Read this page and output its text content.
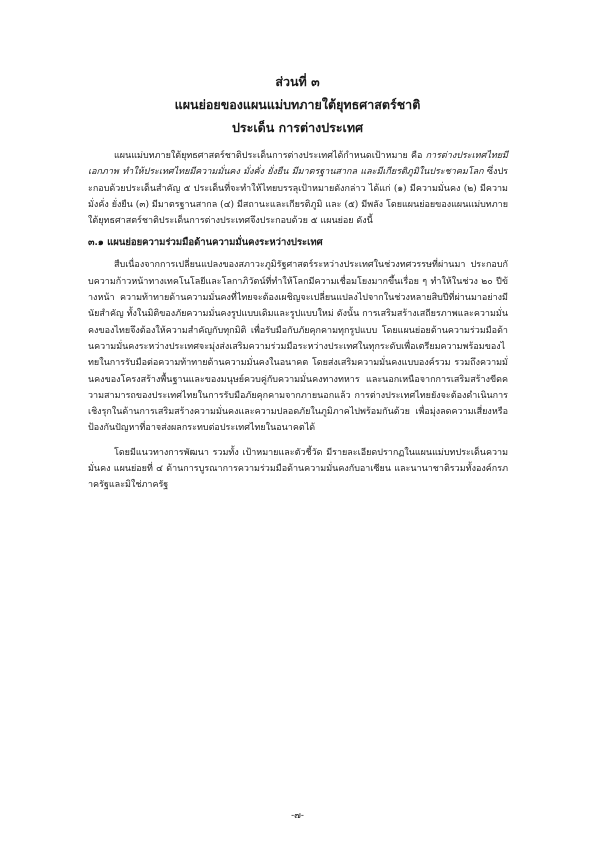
ส่วนที่ ๓

แผนย่อยของแผนแม่บทภายใต้ยุทธศาสตร์ชาติ

ประเด็น การต่างประเทศ

แผนแม่บทภายใต้ยุทธศาสตร์ชาติประเด็นการต่างประเทศได้กำหนดเป้าหมาย คือ การต่างประเทศไทยมีเอกภาพ ทำให้ประเทศไทยมีความมั่นคง มั่งคั่ง ยั่งยืน มีมาตรฐานสากล และมีเกียรติภูมิในประชาคมโลก ซึ่งประกอบด้วยประเด็นสำคัญ ๕ ประเด็นที่จะทำให้ไทยบรรลุเป้าหมายดังกล่าว ได้แก่ (๑) มีความมั่นคง (๒) มีความมั่งคั่ง ยั่งยืน (๓) มีมาตรฐานสากล (๔) มีสถานะและเกียรติภูมิ และ (๕) มีพลัง โดยแผนย่อยของแผนแม่บทภายใต้ยุทธศาสตร์ชาติประเด็นการต่างประเทศจึงประกอบด้วย ๕ แผนย่อย ดังนี้

๓.๑ แผนย่อยความร่วมมือด้านความมั่นคงระหว่างประเทศ

สืบเนื่องจากการเปลี่ยนแปลงของสภาวะภูมิรัฐศาสตร์ระหว่างประเทศในช่วงทศวรรษที่ผ่านมา ประกอบกับความก้าวหน้าทางเทคโนโลยีและโลกาภิวัตน์ที่ทำให้โลกมีความเชื่อมโยงมากขึ้นเรื่อย ๆ ทำให้ในช่วง ๒๐ ปีข้างหน้า ความท้าทายด้านความมั่นคงที่ไทยจะต้องเผชิญจะเปลี่ยนแปลงไปจากในช่วงหลายสิบปีที่ผ่านมาอย่างมีนัยสำคัญ ทั้งในมิติของภัยความมั่นคงรูปแบบเดิมและรูปแบบใหม่ ดังนั้น การเสริมสร้างเสถียรภาพและความมั่นคงของไทยจึงต้องให้ความสำคัญกับทุกมิติ เพื่อรับมือกับภัยคุกคามทุกรูปแบบ โดยแผนย่อยด้านความร่วมมือด้านความมั่นคงระหว่างประเทศจะมุ่งส่งเสริมความร่วมมือระหว่างประเทศในทุกระดับเพื่อเตรียมความพร้อมของไทยในการรับมือต่อความท้าทายด้านความมั่นคงในอนาคต โดยส่งเสริมความมั่นคงแบบองค์รวม รวมถึงความมั่นคงของโครงสร้างพื้นฐานและของมนุษย์ควบคู่กับความมั่นคงทางทหาร และนอกเหนือจากการเสริมสร้างขีดความสามารถของประเทศไทยในการรับมือภัยคุกคามจากภายนอกแล้ว การต่างประเทศไทยยังจะต้องดำเนินการเชิงรุกในด้านการเสริมสร้างความมั่นคงและความปลอดภัยในภูมิภาคไปพร้อมกันด้วย เพื่อมุ่งลดความเสี่ยงหรือป้องกันปัญหาที่อาจส่งผลกระทบต่อประเทศไทยในอนาคตได้

โดยมีแนวทางการพัฒนา รวมทั้ง เป้าหมายและตัวชี้วัด มีรายละเอียดปรากฏในแผนแม่บทประเด็นความมั่นคง แผนย่อยที่ ๔ ด้านการบูรณาการความร่วมมือด้านความมั่นคงกับอาเซียน และนานาชาติรวมทั้งองค์กรภาครัฐและมิใช่ภาครัฐ

-๗-
